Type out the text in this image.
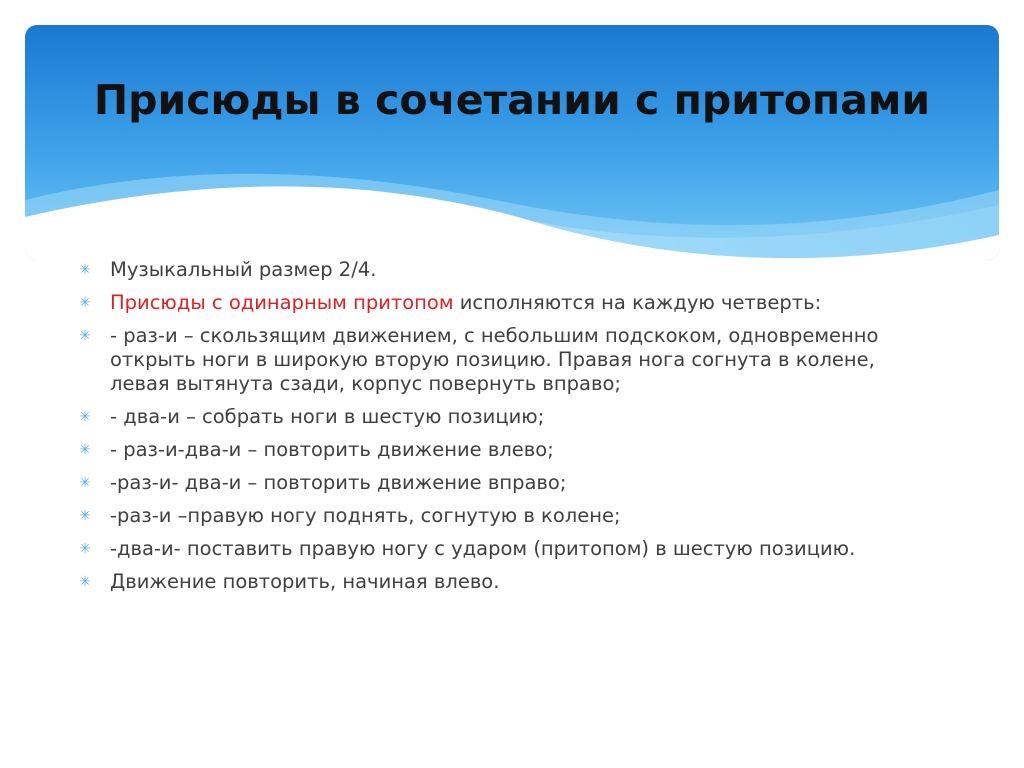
Присюды в сочетании с притопами
✳ Музыкальный размер 2/4.
✳ Присюды с одинарным притопом исполняются на каждую четверть:
✳ - раз-и – скользящим движением, с небольшим подскоком, одновременно открыть ноги в широкую вторую позицию. Правая нога согнута в колене, левая вытянута сзади, корпус повернуть вправо;
✳ - два-и – собрать ноги в шестую позицию;
✳ - раз-и-два-и – повторить движение влево;
✳ -раз-и- два-и – повторить движение вправо;
✳ -раз-и –правую ногу поднять, согнутую в колене;
✳ -два-и- поставить правую ногу с ударом (притопом) в шестую позицию.
✳ Движение повторить, начиная влево.
